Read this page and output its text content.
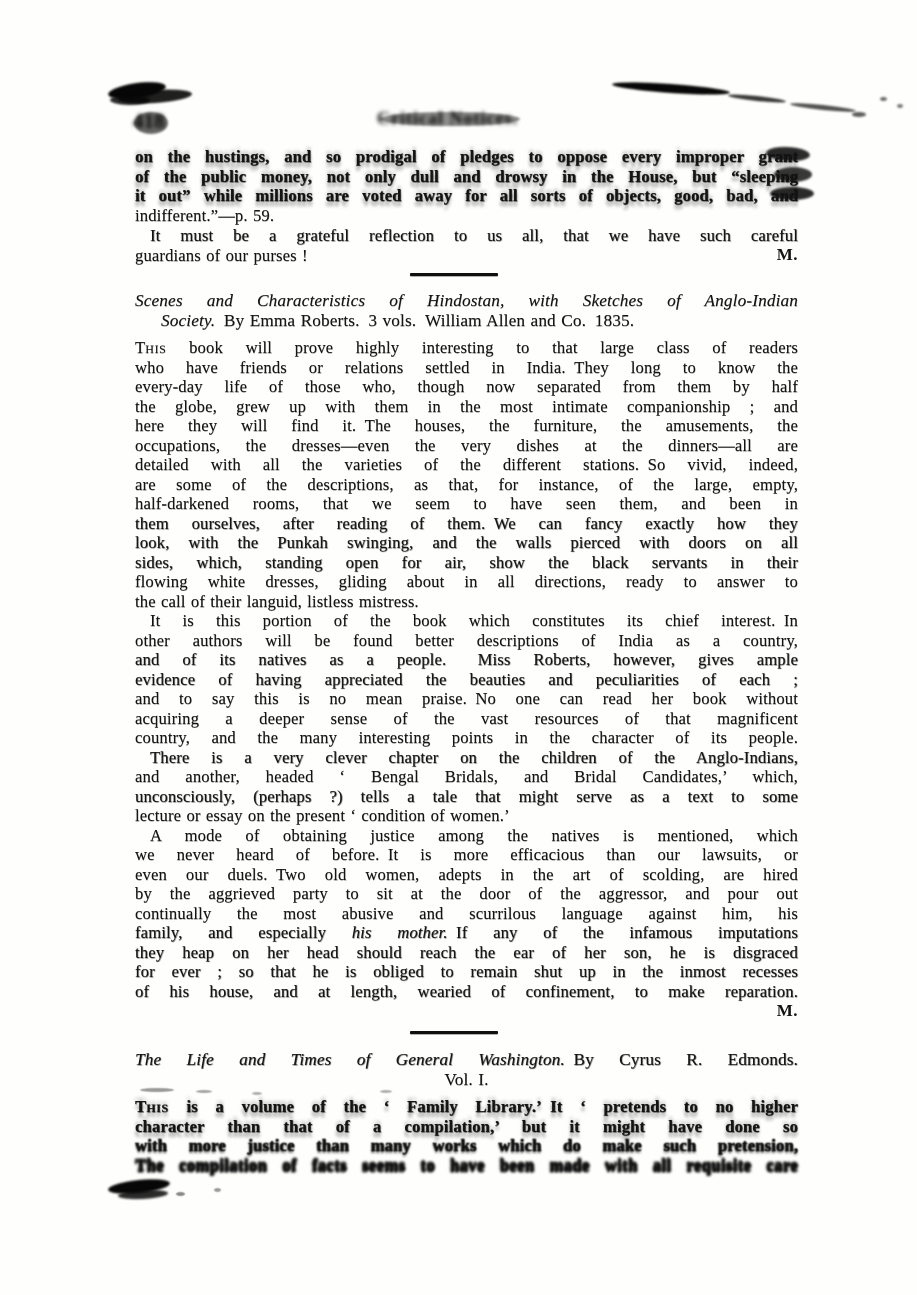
Critical Notices.
on the hustings, and so prodigal of pledges to oppose every improper grant
of the public money, not only dull and drowsy in the House, but “sleeping
it out” while millions are voted away for all sorts of objects, good, bad, and
indifferent.”—p. 59.
It must be a grateful reflection to us all, that we have such careful
guardians of our purses !	M.
Scenes and Characteristics of Hindostan, with Sketches of Anglo-Indian
Society. By Emma Roberts. 3 vols. William Allen and Co. 1835.
This book will prove highly interesting to that large class of readers
who have friends or relations settled in India. They long to know the
every-day life of those who, though now separated from them by half
the globe, grew up with them in the most intimate companionship ; and
here they will find it. The houses, the furniture, the amusements, the
occupations, the dresses—even the very dishes at the dinners—all are
detailed with all the varieties of the different stations. So vivid, indeed,
are some of the descriptions, as that, for instance, of the large, empty,
half-darkened rooms, that we seem to have seen them, and been in
them ourselves, after reading of them. We can fancy exactly how they
look, with the Punkah swinging, and the walls pierced with doors on all
sides, which, standing open for air, show the black servants in their
flowing white dresses, gliding about in all directions, ready to answer to
the call of their languid, listless mistress.
It is this portion of the book which constitutes its chief interest. In
other authors will be found better descriptions of India as a country,
and of its natives as a people.  Miss Roberts, however, gives ample
evidence of having appreciated the beauties and peculiarities of each ;
and to say this is no mean praise. No one can read her book without
acquiring a deeper sense of the vast resources of that magnificent
country, and the many interesting points in the character of its people.
There is a very clever chapter on the children of the Anglo-Indians,
and another, headed ‘ Bengal Bridals, and Bridal Candidates,’ which,
unconsciously, (perhaps ?) tells a tale that might serve as a text to some
lecture or essay on the present ‘ condition of women.’
A mode of obtaining justice among the natives is mentioned, which
we never heard of before. It is more efficacious than our lawsuits, or
even our duels. Two old women, adepts in the art of scolding, are hired
by the aggrieved party to sit at the door of the aggressor, and pour out
continually the most abusive and scurrilous language against him, his
family, and especially his mother. If any of the infamous imputations
they heap on her head should reach the ear of her son, he is disgraced
for ever ; so that he is obliged to remain shut up in the inmost recesses
of his house, and at length, wearied of confinement, to make reparation.
M.
The Life and Times of General Washington. By Cyrus R. Edmonds.
Vol. I.
This is a volume of the ‘ Family Library.’ It ‘ pretends to no higher
character than that of a compilation,’ but it might have done so
with more justice than many works which do make such pretension,
The compilation of facts seems to have been made with all requisite care
